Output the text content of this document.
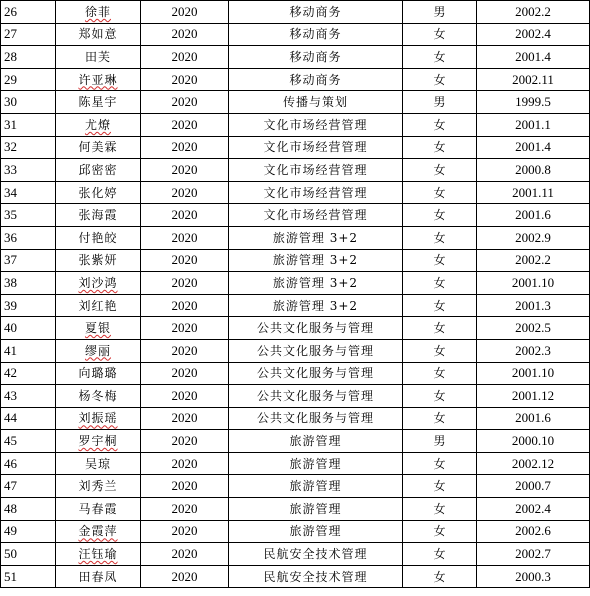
26	徐菲	2020	移动商务	男	2002.2
27	郑如意	2020	移动商务	女	2002.4
28	田芙	2020	移动商务	女	2001.4
29	许亚琳	2020	移动商务	女	2002.11
30	陈星宇	2020	传播与策划	男	1999.5
31	尤燎	2020	文化市场经营管理	女	2001.1
32	何美霖	2020	文化市场经营管理	女	2001.4
33	邱密密	2020	文化市场经营管理	女	2000.8
34	张化婷	2020	文化市场经营管理	女	2001.11
35	张海霞	2020	文化市场经营管理	女	2001.6
36	付艳皎	2020	旅游管理 3+2	女	2002.9
37	张紫妍	2020	旅游管理 3+2	女	2002.2
38	刘沙鸿	2020	旅游管理 3+2	女	2001.10
39	刘红艳	2020	旅游管理 3+2	女	2001.3
40	夏银	2020	公共文化服务与管理	女	2002.5
41	缪丽	2020	公共文化服务与管理	女	2002.3
42	向璐璐	2020	公共文化服务与管理	女	2001.10
43	杨冬梅	2020	公共文化服务与管理	女	2001.12
44	刘振瑶	2020	公共文化服务与管理	女	2001.6
45	罗宇桐	2020	旅游管理	男	2000.10
46	吴琼	2020	旅游管理	女	2002.12
47	刘秀兰	2020	旅游管理	女	2000.7
48	马春霞	2020	旅游管理	女	2002.4
49	金霞萍	2020	旅游管理	女	2002.6
50	汪钰瑜	2020	民航安全技术管理	女	2002.7
51	田春凤	2020	民航安全技术管理	女	2000.3
